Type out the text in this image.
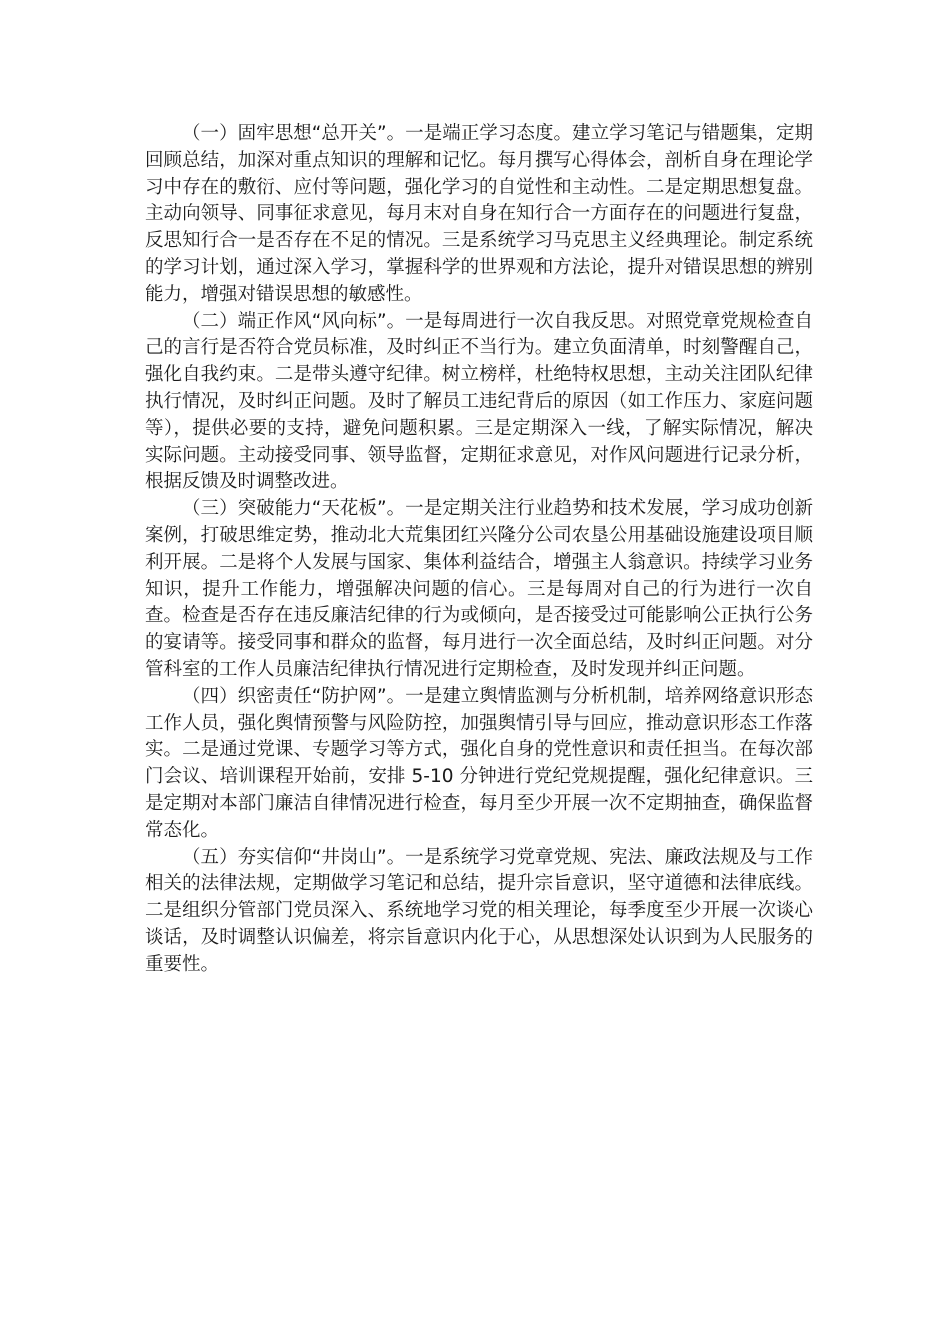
（一）固牢思想“总开关”。一是端正学习态度。建立学习笔记与错题集，定期回顾总结，加深对重点知识的理解和记忆。每月撰写心得体会，剖析自身在理论学习中存在的敷衍、应付等问题，强化学习的自觉性和主动性。二是定期思想复盘。主动向领导、同事征求意见，每月末对自身在知行合一方面存在的问题进行复盘，反思知行合一是否存在不足的情况。三是系统学习马克思主义经典理论。制定系统的学习计划，通过深入学习，掌握科学的世界观和方法论，提升对错误思想的辨别能力，增强对错误思想的敏感性。

（二）端正作风“风向标”。一是每周进行一次自我反思。对照党章党规检查自己的言行是否符合党员标准，及时纠正不当行为。建立负面清单，时刻警醒自己，强化自我约束。二是带头遵守纪律。树立榜样，杜绝特权思想，主动关注团队纪律执行情况，及时纠正问题。及时了解员工违纪背后的原因（如工作压力、家庭问题等），提供必要的支持，避免问题积累。三是定期深入一线，了解实际情况，解决实际问题。主动接受同事、领导监督，定期征求意见，对作风问题进行记录分析，根据反馈及时调整改进。

（三）突破能力“天花板”。一是定期关注行业趋势和技术发展，学习成功创新案例，打破思维定势，推动北大荒集团红兴隆分公司农垦公用基础设施建设项目顺利开展。二是将个人发展与国家、集体利益结合，增强主人翁意识。持续学习业务知识，提升工作能力，增强解决问题的信心。三是每周对自己的行为进行一次自查。检查是否存在违反廉洁纪律的行为或倾向，是否接受过可能影响公正执行公务的宴请等。接受同事和群众的监督，每月进行一次全面总结，及时纠正问题。对分管科室的工作人员廉洁纪律执行情况进行定期检查，及时发现并纠正问题。

（四）织密责任“防护网”。一是建立舆情监测与分析机制，培养网络意识形态工作人员，强化舆情预警与风险防控，加强舆情引导与回应，推动意识形态工作落实。二是通过党课、专题学习等方式，强化自身的党性意识和责任担当。在每次部门会议、培训课程开始前，安排 5-10 分钟进行党纪党规提醒，强化纪律意识。三是定期对本部门廉洁自律情况进行检查，每月至少开展一次不定期抽查，确保监督常态化。

（五）夯实信仰“井岗山”。一是系统学习党章党规、宪法、廉政法规及与工作相关的法律法规，定期做学习笔记和总结，提升宗旨意识，坚守道德和法律底线。二是组织分管部门党员深入、系统地学习党的相关理论，每季度至少开展一次谈心谈话，及时调整认识偏差，将宗旨意识内化于心，从思想深处认识到为人民服务的重要性。
